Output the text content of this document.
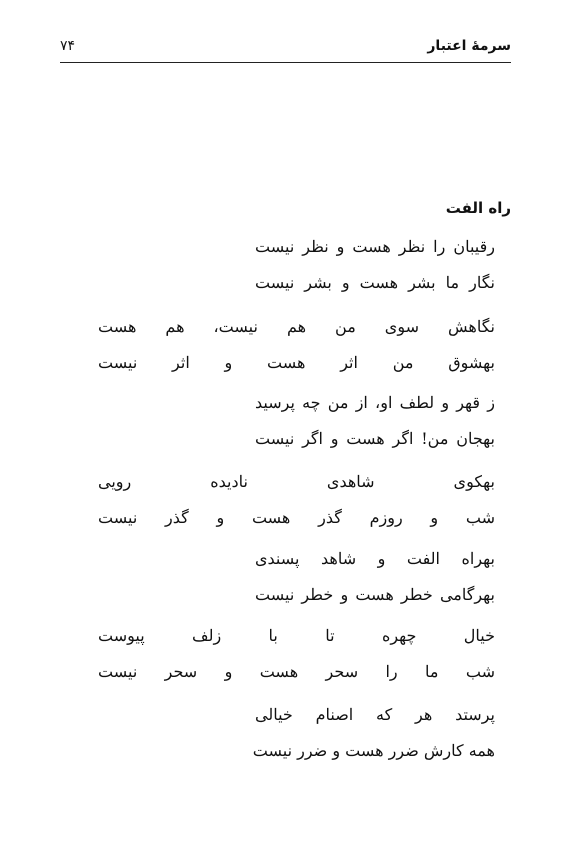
سرمهٔ اعتبار
۷۴
راه الفت
رقیبان را نظر هست و نظر نیست
نگار ما بشر هست و بشر نیست
نگاهش سوی من هم نیست، هم هست
بهشوق من اثر هست و اثر نیست
ز قهر و لطف او، از من چه پرسید
بهجان من! اگر هست و اگر نیست
بهکوی شاهدی نادیده رویی
شب و روزم گذر هست و گذر نیست
بهراه الفت و شاهد پسندی
بهرگامی خطر هست و خطر نیست
خیال چهره تا با زلف پیوست
شب ما را سحر هست و سحر نیست
پرستد هر که اصنام خیالی
همه کارش ضرر هست و ضرر نیست
